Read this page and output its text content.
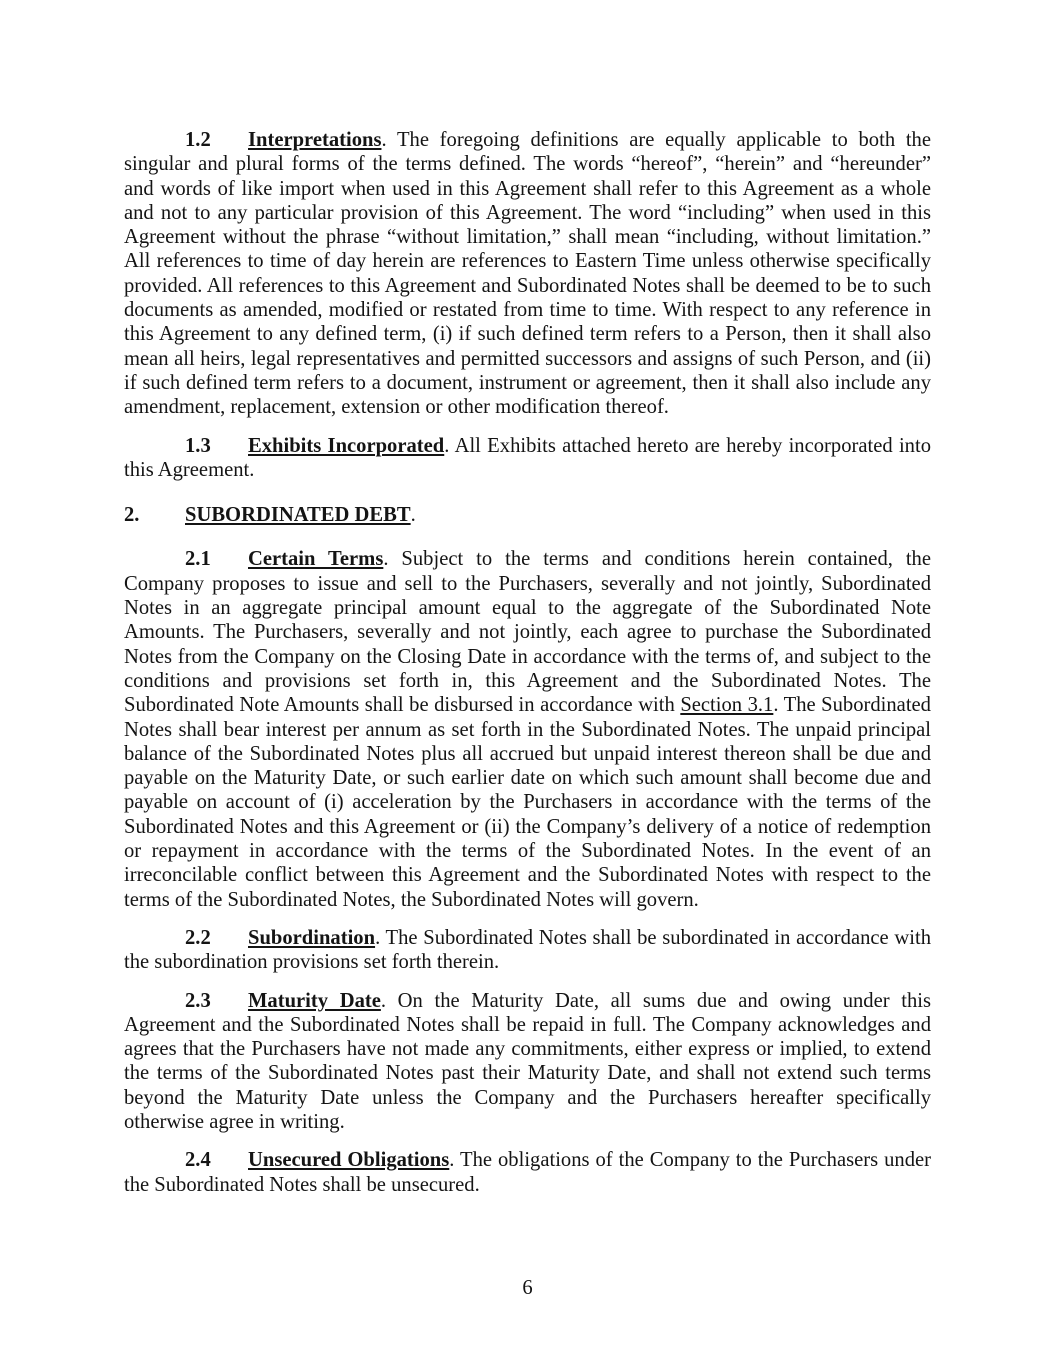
1.2 Interpretations. The foregoing definitions are equally applicable to both the singular and plural forms of the terms defined. The words “hereof”, “herein” and “hereunder” and words of like import when used in this Agreement shall refer to this Agreement as a whole and not to any particular provision of this Agreement. The word “including” when used in this Agreement without the phrase “without limitation,” shall mean “including, without limitation.” All references to time of day herein are references to Eastern Time unless otherwise specifically provided. All references to this Agreement and Subordinated Notes shall be deemed to be to such documents as amended, modified or restated from time to time. With respect to any reference in this Agreement to any defined term, (i) if such defined term refers to a Person, then it shall also mean all heirs, legal representatives and permitted successors and assigns of such Person, and (ii) if such defined term refers to a document, instrument or agreement, then it shall also include any amendment, replacement, extension or other modification thereof.

1.3 Exhibits Incorporated. All Exhibits attached hereto are hereby incorporated into this Agreement.

2. SUBORDINATED DEBT.

2.1 Certain Terms. Subject to the terms and conditions herein contained, the Company proposes to issue and sell to the Purchasers, severally and not jointly, Subordinated Notes in an aggregate principal amount equal to the aggregate of the Subordinated Note Amounts. The Purchasers, severally and not jointly, each agree to purchase the Subordinated Notes from the Company on the Closing Date in accordance with the terms of, and subject to the conditions and provisions set forth in, this Agreement and the Subordinated Notes. The Subordinated Note Amounts shall be disbursed in accordance with Section 3.1. The Subordinated Notes shall bear interest per annum as set forth in the Subordinated Notes. The unpaid principal balance of the Subordinated Notes plus all accrued but unpaid interest thereon shall be due and payable on the Maturity Date, or such earlier date on which such amount shall become due and payable on account of (i) acceleration by the Purchasers in accordance with the terms of the Subordinated Notes and this Agreement or (ii) the Company’s delivery of a notice of redemption or repayment in accordance with the terms of the Subordinated Notes. In the event of an irreconcilable conflict between this Agreement and the Subordinated Notes with respect to the terms of the Subordinated Notes, the Subordinated Notes will govern.

2.2 Subordination. The Subordinated Notes shall be subordinated in accordance with the subordination provisions set forth therein.

2.3 Maturity Date. On the Maturity Date, all sums due and owing under this Agreement and the Subordinated Notes shall be repaid in full. The Company acknowledges and agrees that the Purchasers have not made any commitments, either express or implied, to extend the terms of the Subordinated Notes past their Maturity Date, and shall not extend such terms beyond the Maturity Date unless the Company and the Purchasers hereafter specifically otherwise agree in writing.

2.4 Unsecured Obligations. The obligations of the Company to the Purchasers under the Subordinated Notes shall be unsecured.

6
